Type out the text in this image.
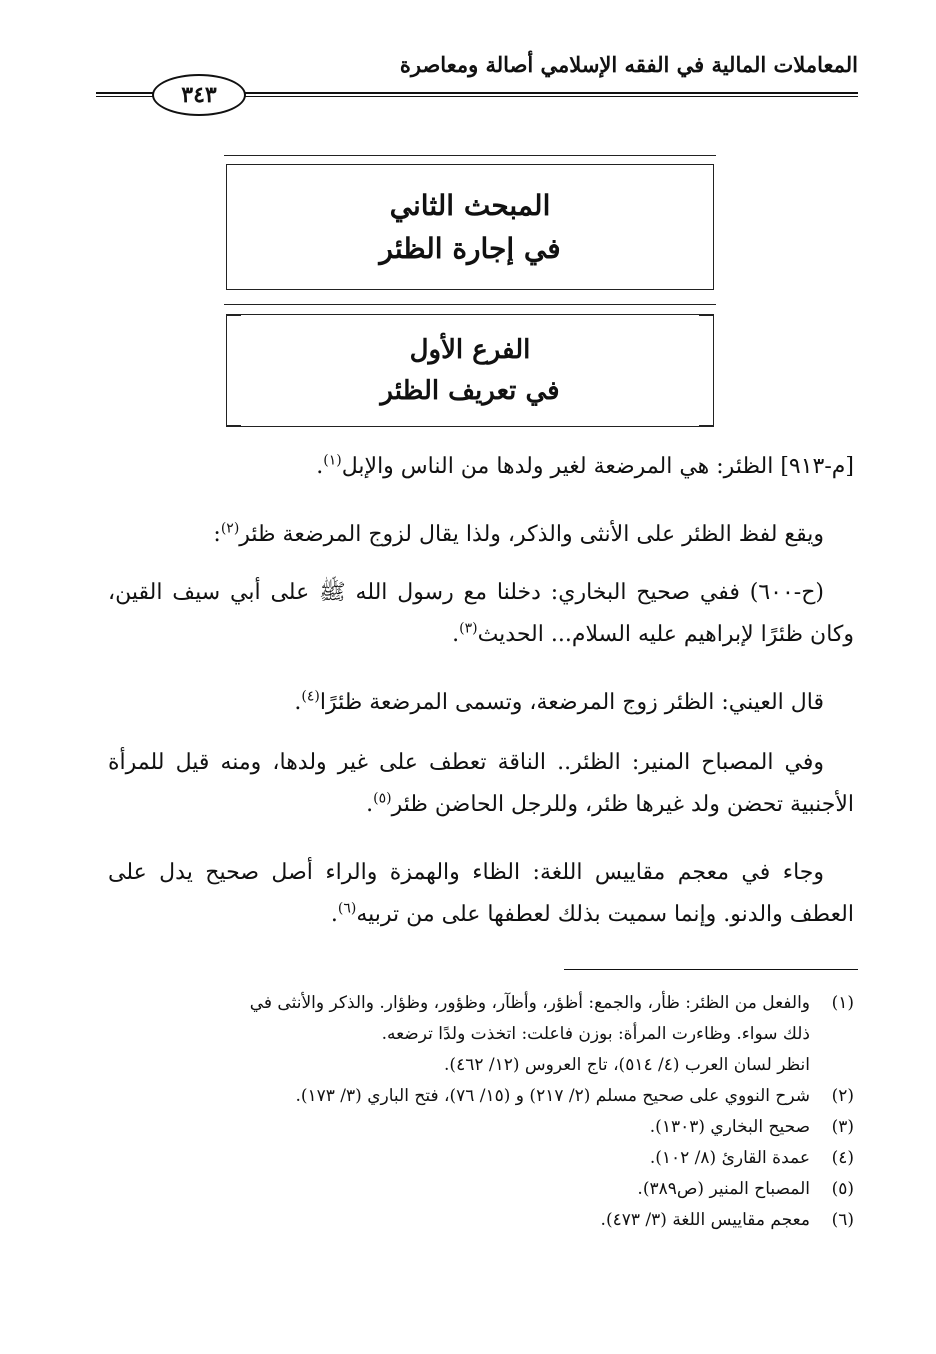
المعاملات المالية في الفقه الإسلامي أصالة ومعاصرة
٣٤٣
المبحث الثاني
في إجارة الظئر
الفرع الأول
في تعريف الظئر
[م-٩١٣] الظئر: هي المرضعة لغير ولدها من الناس والإبل$^{(١)}$.
ويقع لفظ الظئر على الأنثى والذكر، ولذا يقال لزوج المرضعة ظئر$^{(٢)}$:
(ح-٦٠٠) ففي صحيح البخاري: دخلنا مع رسول الله ﷺ على أبي سيف القين، وكان ظئرًا لإبراهيم عليه السلام... الحديث$^{(٣)}$.
قال العيني: الظئر زوج المرضعة، وتسمى المرضعة ظئرًا$^{(٤)}$.
وفي المصباح المنير: الظئر.. الناقة تعطف على غير ولدها، ومنه قيل للمرأة الأجنبية تحضن ولد غيرها ظئر، وللرجل الحاضن ظئر$^{(٥)}$.
وجاء في معجم مقاييس اللغة: الظاء والهمزة والراء أصل صحيح يدل على العطف والدنو. وإنما سميت بذلك لعطفها على من تربيه$^{(٦)}$.
(١)
والفعل من الظئر: ظأر، والجمع: أظؤر، وأظآر، وظؤور، وظؤار. والذكر والأنثى في
ذلك سواء. وظاءرت المرأة: بوزن فاعلت: اتخذت ولدًا ترضعه.
انظر لسان العرب (٤/ ٥١٤)، تاج العروس (١٢/ ٤٦٢).
(٢)
شرح النووي على صحيح مسلم (٢/ ٢١٧) و (١٥/ ٧٦)، فتح الباري (٣/ ١٧٣).
(٣)
صحيح البخاري (١٣٠٣).
(٤)
عمدة القارئ (٨/ ١٠٢).
(٥)
المصباح المنير (ص٣٨٩).
(٦)
معجم مقاييس اللغة (٣/ ٤٧٣).
